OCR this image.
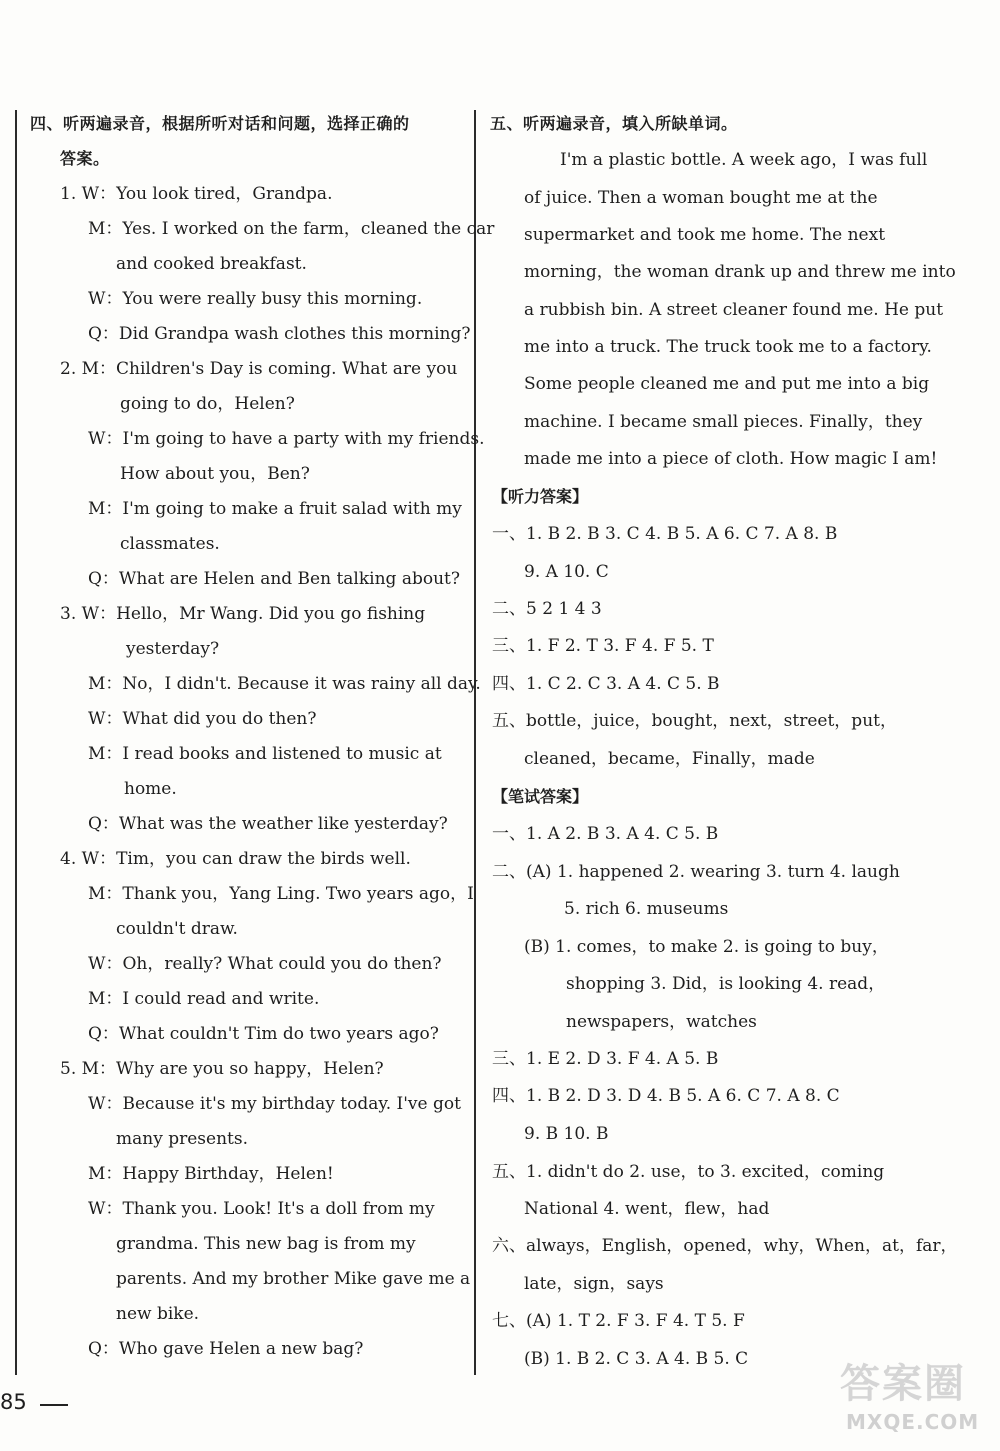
四、听两遍录音，根据所听对话和问题，选择正确的
答案。
1. W：You look tired，Grandpa.
M：Yes. I worked on the farm，cleaned the car
and cooked breakfast.
W：You were really busy this morning.
Q：Did Grandpa wash clothes this morning?
2. M：Children's Day is coming. What are you
going to do，Helen?
W：I'm going to have a party with my friends.
How about you，Ben?
M：I'm going to make a fruit salad with my
classmates.
Q：What are Helen and Ben talking about?
3. W：Hello，Mr Wang. Did you go fishing
yesterday?
M：No，I didn't. Because it was rainy all day.
W：What did you do then?
M：I read books and listened to music at
home.
Q：What was the weather like yesterday?
4. W：Tim，you can draw the birds well.
M：Thank you，Yang Ling. Two years ago，I
couldn't draw.
W：Oh，really? What could you do then?
M：I could read and write.
Q：What couldn't Tim do two years ago?
5. M：Why are you so happy，Helen?
W：Because it's my birthday today. I've got
many presents.
M：Happy Birthday，Helen!
W：Thank you. Look! It's a doll from my
grandma. This new bag is from my
parents. And my brother Mike gave me a
new bike.
Q：Who gave Helen a new bag?
五、听两遍录音，填入所缺单词。
I'm a plastic bottle. A week ago，I was full
of juice. Then a woman bought me at the
supermarket and took me home. The next
morning，the woman drank up and threw me into
a rubbish bin. A street cleaner found me. He put
me into a truck. The truck took me to a factory.
Some people cleaned me and put me into a big
machine. I became small pieces. Finally，they
made me into a piece of cloth. How magic I am!
【听力答案】
一、1. B 2. B 3. C 4. B 5. A 6. C 7. A 8. B
9. A 10. C
二、5 2 1 4 3
三、1. F 2. T 3. F 4. F 5. T
四、1. C 2. C 3. A 4. C 5. B
五、bottle，juice，bought，next，street，put，
cleaned，became，Finally，made
【笔试答案】
一、1. A 2. B 3. A 4. C 5. B
二、(A) 1. happened 2. wearing 3. turn 4. laugh
5. rich 6. museums
(B) 1. comes，to make 2. is going to buy，
shopping 3. Did，is looking 4. read，
newspapers，watches
三、1. E 2. D 3. F 4. A 5. B
四、1. B 2. D 3. D 4. B 5. A 6. C 7. A 8. C
9. B 10. B
五、1. didn't do 2. use，to 3. excited，coming
National 4. went，flew，had
六、always，English，opened，why，When，at，far，
late，sign，says
七、(A) 1. T 2. F 3. F 4. T 5. F
(B) 1. B 2. C 3. A 4. B 5. C
85	答案圈
MXQE.COM
